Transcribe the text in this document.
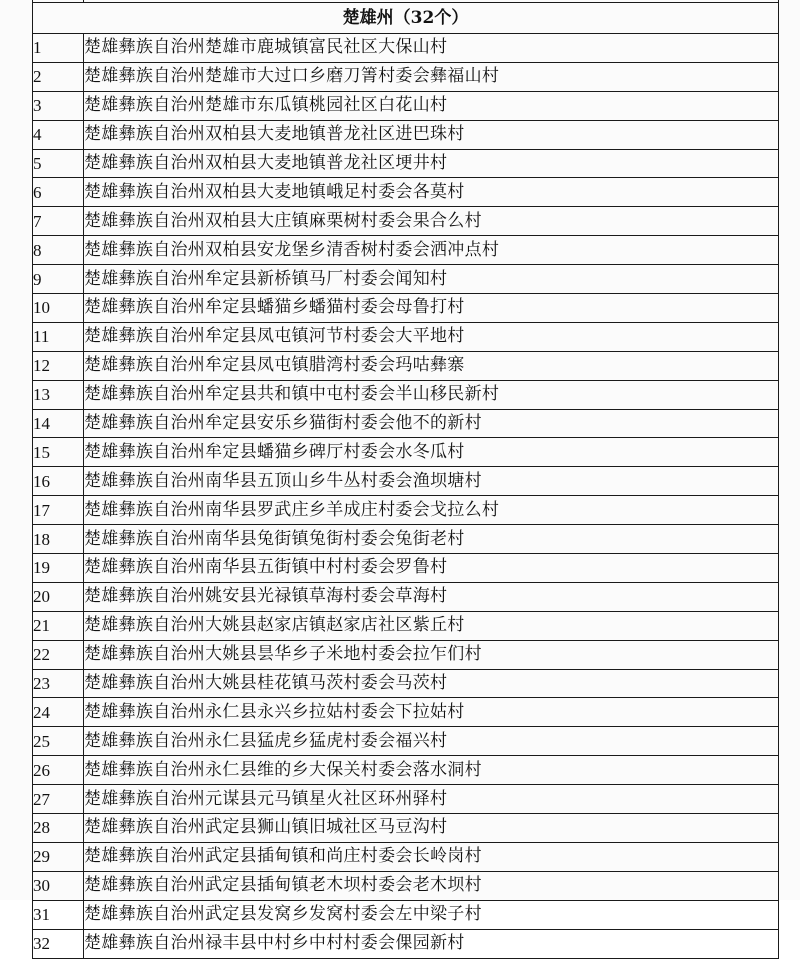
楚雄州（32个）	
1	楚雄彝族自治州楚雄市鹿城镇富民社区大保山村
2	楚雄彝族自治州楚雄市大过口乡磨刀箐村委会彝福山村
3	楚雄彝族自治州楚雄市东瓜镇桃园社区白花山村
4	楚雄彝族自治州双柏县大麦地镇普龙社区进巴珠村
5	楚雄彝族自治州双柏县大麦地镇普龙社区埂井村
6	楚雄彝族自治州双柏县大麦地镇峨足村委会各莫村
7	楚雄彝族自治州双柏县大庄镇麻栗树村委会果合么村
8	楚雄彝族自治州双柏县安龙堡乡清香树村委会洒冲点村
9	楚雄彝族自治州牟定县新桥镇马厂村委会闻知村
10	楚雄彝族自治州牟定县蟠猫乡蟠猫村委会母鲁打村
11	楚雄彝族自治州牟定县凤屯镇河节村委会大平地村
12	楚雄彝族自治州牟定县凤屯镇腊湾村委会玛咕彝寨
13	楚雄彝族自治州牟定县共和镇中屯村委会半山移民新村
14	楚雄彝族自治州牟定县安乐乡猫街村委会他不的新村
15	楚雄彝族自治州牟定县蟠猫乡碑厅村委会水冬瓜村
16	楚雄彝族自治州南华县五顶山乡牛丛村委会渔坝塘村
17	楚雄彝族自治州南华县罗武庄乡羊成庄村委会戈拉么村
18	楚雄彝族自治州南华县兔街镇兔街村委会兔街老村
19	楚雄彝族自治州南华县五街镇中村村委会罗鲁村
20	楚雄彝族自治州姚安县光禄镇草海村委会草海村
21	楚雄彝族自治州大姚县赵家店镇赵家店社区紫丘村
22	楚雄彝族自治州大姚县昙华乡子米地村委会拉乍们村
23	楚雄彝族自治州大姚县桂花镇马茨村委会马茨村
24	楚雄彝族自治州永仁县永兴乡拉姑村委会下拉姑村
25	楚雄彝族自治州永仁县猛虎乡猛虎村委会福兴村
26	楚雄彝族自治州永仁县维的乡大保关村委会落水洞村
27	楚雄彝族自治州元谋县元马镇星火社区环州驿村
28	楚雄彝族自治州武定县狮山镇旧城社区马豆沟村
29	楚雄彝族自治州武定县插甸镇和尚庄村委会长岭岗村
30	楚雄彝族自治州武定县插甸镇老木坝村委会老木坝村
31	楚雄彝族自治州武定县发窝乡发窝村委会左中梁子村
32	楚雄彝族自治州禄丰县中村乡中村村委会倮园新村
